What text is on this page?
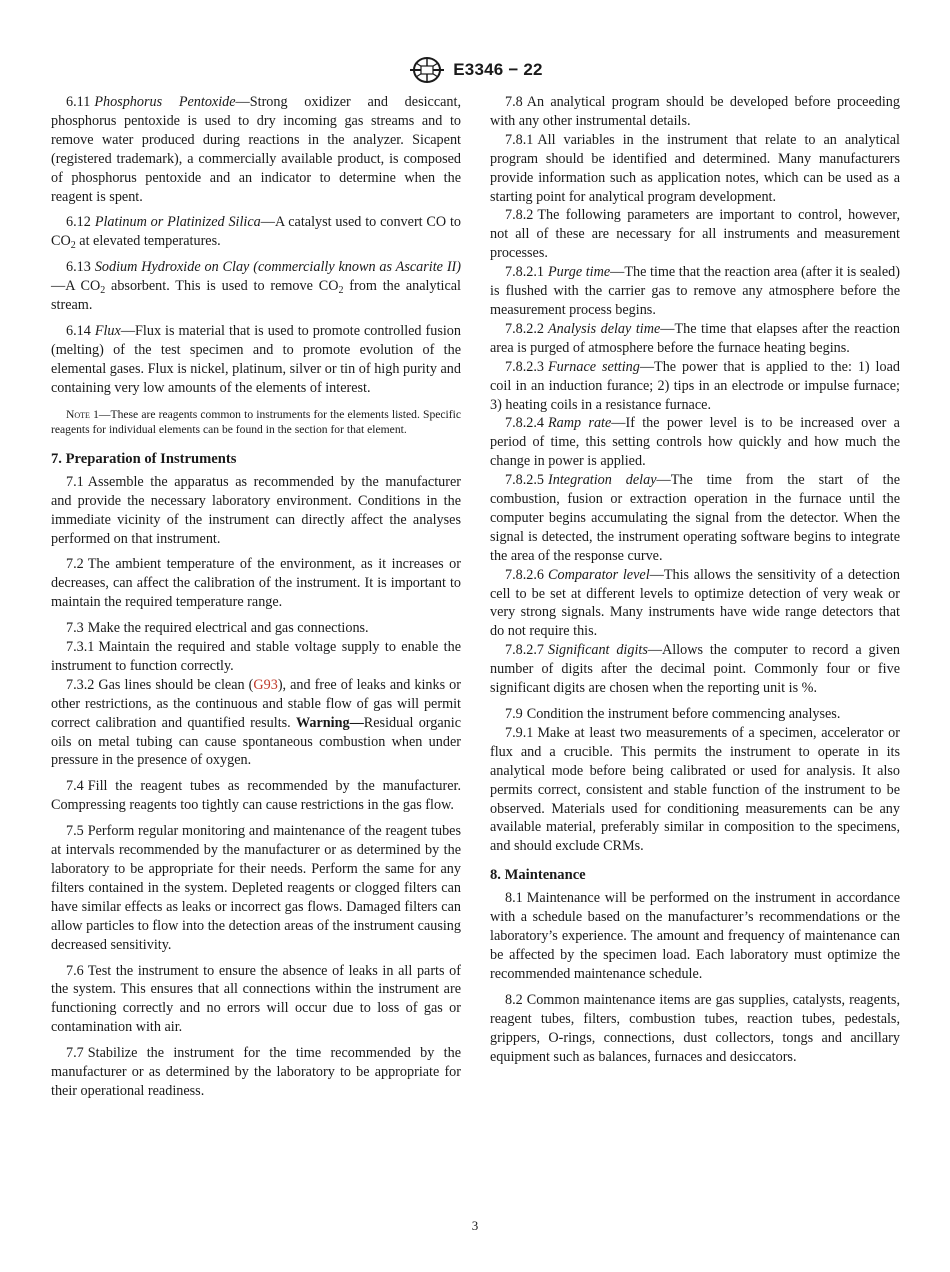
E3346 − 22

6.11 Phosphorus Pentoxide—Strong oxidizer and desiccant, phosphorus pentoxide is used to dry incoming gas streams and to remove water produced during reactions in the analyzer. Sicapent (registered trademark), a commercially available product, is composed of phosphorus pentoxide and an indicator to determine when the reagent is spent.

6.12 Platinum or Platinized Silica—A catalyst used to convert CO to $CO_2$ at elevated temperatures.

6.13 Sodium Hydroxide on Clay (commercially known as Ascarite II)—A $CO_2$ absorbent. This is used to remove $CO_2$ from the analytical stream.

6.14 Flux—Flux is material that is used to promote controlled fusion (melting) of the test specimen and to promote evolution of the elemental gases. Flux is nickel, platinum, silver or tin of high purity and containing very low amounts of the elements of interest.

Note 1—These are reagents common to instruments for the elements listed. Specific reagents for individual elements can be found in the section for that element.

7. Preparation of Instruments

7.1 Assemble the apparatus as recommended by the manufacturer and provide the necessary laboratory environment. Conditions in the immediate vicinity of the instrument can directly affect the analyses performed on that instrument.

7.2 The ambient temperature of the environment, as it increases or decreases, can affect the calibration of the instrument. It is important to maintain the required temperature range.

7.3 Make the required electrical and gas connections.

7.3.1 Maintain the required and stable voltage supply to enable the instrument to function correctly.

7.3.2 Gas lines should be clean (G93), and free of leaks and kinks or other restrictions, as the continuous and stable flow of gas will permit correct calibration and quantified results. Warning—Residual organic oils on metal tubing can cause spontaneous combustion when under pressure in the presence of oxygen.

7.4 Fill the reagent tubes as recommended by the manufacturer. Compressing reagents too tightly can cause restrictions in the gas flow.

7.5 Perform regular monitoring and maintenance of the reagent tubes at intervals recommended by the manufacturer or as determined by the laboratory to be appropriate for their needs. Perform the same for any filters contained in the system. Depleted reagents or clogged filters can have similar effects as leaks or incorrect gas flows. Damaged filters can allow particles to flow into the detection areas of the instrument causing decreased sensitivity.

7.6 Test the instrument to ensure the absence of leaks in all parts of the system. This ensures that all connections within the instrument are functioning correctly and no errors will occur due to loss of gas or contamination with air.

7.7 Stabilize the instrument for the time recommended by the manufacturer or as determined by the laboratory to be appropriate for their operational readiness.

7.8 An analytical program should be developed before proceeding with any other instrumental details.

7.8.1 All variables in the instrument that relate to an analytical program should be identified and determined. Many manufacturers provide information such as application notes, which can be used as a starting point for analytical program development.

7.8.2 The following parameters are important to control, however, not all of these are necessary for all instruments and measurement processes.

7.8.2.1 Purge time—The time that the reaction area (after it is sealed) is flushed with the carrier gas to remove any atmosphere before the measurement process begins.

7.8.2.2 Analysis delay time—The time that elapses after the reaction area is purged of atmosphere before the furnace heating begins.

7.8.2.3 Furnace setting—The power that is applied to the: 1) load coil in an induction furance; 2) tips in an electrode or impulse furnace; 3) heating coils in a resistance furnace.

7.8.2.4 Ramp rate—If the power level is to be increased over a period of time, this setting controls how quickly and how much the change in power is applied.

7.8.2.5 Integration delay—The time from the start of the combustion, fusion or extraction operation in the furnace until the computer begins accumulating the signal from the detector. When the signal is detected, the instrument operating software begins to integrate the area of the response curve.

7.8.2.6 Comparator level—This allows the sensitivity of a detection cell to be set at different levels to optimize detection of very weak or very strong signals. Many instruments have wide range detectors that do not require this.

7.8.2.7 Significant digits—Allows the computer to record a given number of digits after the decimal point. Commonly four or five significant digits are chosen when the reporting unit is %.

7.9 Condition the instrument before commencing analyses.

7.9.1 Make at least two measurements of a specimen, accelerator or flux and a crucible. This permits the instrument to operate in its analytical mode before being calibrated or used for analysis. It also permits correct, consistent and stable function of the instrument to be observed. Materials used for conditioning measurements can be any available material, preferably similar in composition to the specimens, and should exclude CRMs.

8. Maintenance

8.1 Maintenance will be performed on the instrument in accordance with a schedule based on the manufacturer’s recommendations or the laboratory’s experience. The amount and frequency of maintenance can be affected by the specimen load. Each laboratory must optimize the recommended maintenance schedule.

8.2 Common maintenance items are gas supplies, catalysts, reagents, reagent tubes, filters, combustion tubes, reaction tubes, pedestals, grippers, O-rings, connections, dust collectors, tongs and ancillary equipment such as balances, furnaces and desiccators.

3
